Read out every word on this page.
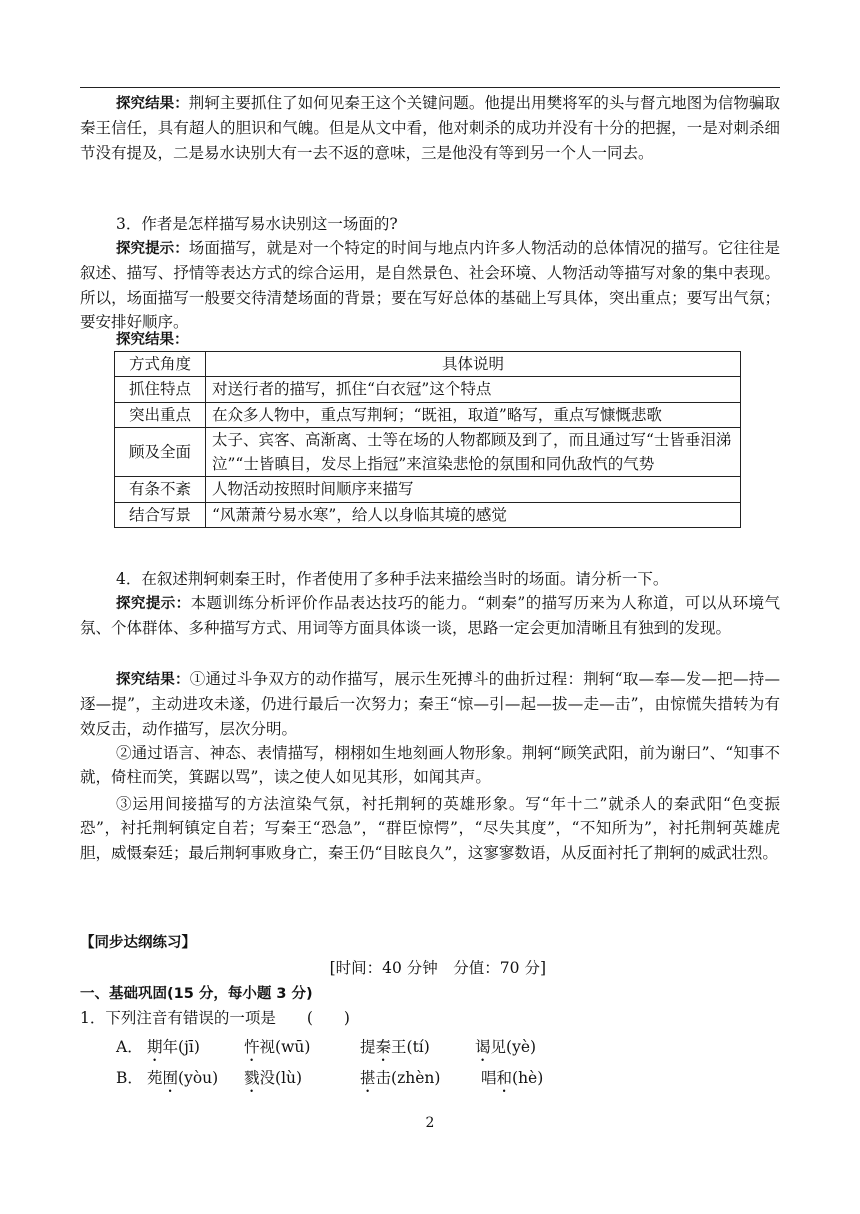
探究结果：荆轲主要抓住了如何见秦王这个关键问题。他提出用樊将军的头与督亢地图为信物骗取秦王信任，具有超人的胆识和气魄。但是从文中看，他对刺杀的成功并没有十分的把握，一是对刺杀细节没有提及，二是易水诀别大有一去不返的意味，三是他没有等到另一个人一同去。
3．作者是怎样描写易水诀别这一场面的?
探究提示：场面描写，就是对一个特定的时间与地点内许多人物活动的总体情况的描写。它往往是叙述、描写、抒情等表达方式的综合运用，是自然景色、社会环境、人物活动等描写对象的集中表现。所以，场面描写一般要交待清楚场面的背景；要在写好总体的基础上写具体，突出重点；要写出气氛；要安排好顺序。
探究结果：
方式角度	具体说明
抓住特点	对送行者的描写，抓住“白衣冠”这个特点
突出重点	在众多人物中，重点写荆轲；“既祖，取道”略写，重点写慷慨悲歌
顾及全面	太子、宾客、高渐离、士等在场的人物都顾及到了，而且通过写“士皆垂泪涕泣”“士皆瞋目，发尽上指冠”来渲染悲怆的氛围和同仇敌忾的气势
有条不紊	人物活动按照时间顺序来描写
结合写景	“风萧萧兮易水寒”，给人以身临其境的感觉
4．在叙述荆轲刺秦王时，作者使用了多种手法来描绘当时的场面。请分析一下。
探究提示：本题训练分析评价作品表达技巧的能力。“刺秦”的描写历来为人称道，可以从环境气氛、个体群体、多种描写方式、用词等方面具体谈一谈，思路一定会更加清晰且有独到的发现。
探究结果：①通过斗争双方的动作描写，展示生死搏斗的曲折过程：荆轲“取—奉—发—把—持—逐—提”，主动进攻未遂，仍进行最后一次努力；秦王“惊—引—起—拔—走—击”，由惊慌失措转为有效反击，动作描写，层次分明。
②通过语言、神态、表情描写，栩栩如生地刻画人物形象。荆轲“顾笑武阳，前为谢曰”、“知事不就，倚柱而笑，箕踞以骂”，读之使人如见其形，如闻其声。
③运用间接描写的方法渲染气氛，衬托荆轲的英雄形象。写“年十二”就杀人的秦武阳“色变振恐”，衬托荆轲镇定自若；写秦王“恐急”，“群臣惊愕”，“尽失其度”，“不知所为”，衬托荆轲英雄虎胆，威慑秦廷；最后荆轲事败身亡，秦王仍“目眩良久”，这寥寥数语，从反面衬托了荆轲的威武壮烈。
【同步达纲练习】
[时间：40 分钟　分值：70 分]
一、基础巩固(15 分，每小题 3 分)
1．下列注音有错误的一项是　　(　　)
A． 期年(jī)	忤视(wū)	提秦王(tí)	谒见(yè)
B． 苑囿(yòu) 戮没(lù)	揕击(zhèn)	唱和(hè)
2
